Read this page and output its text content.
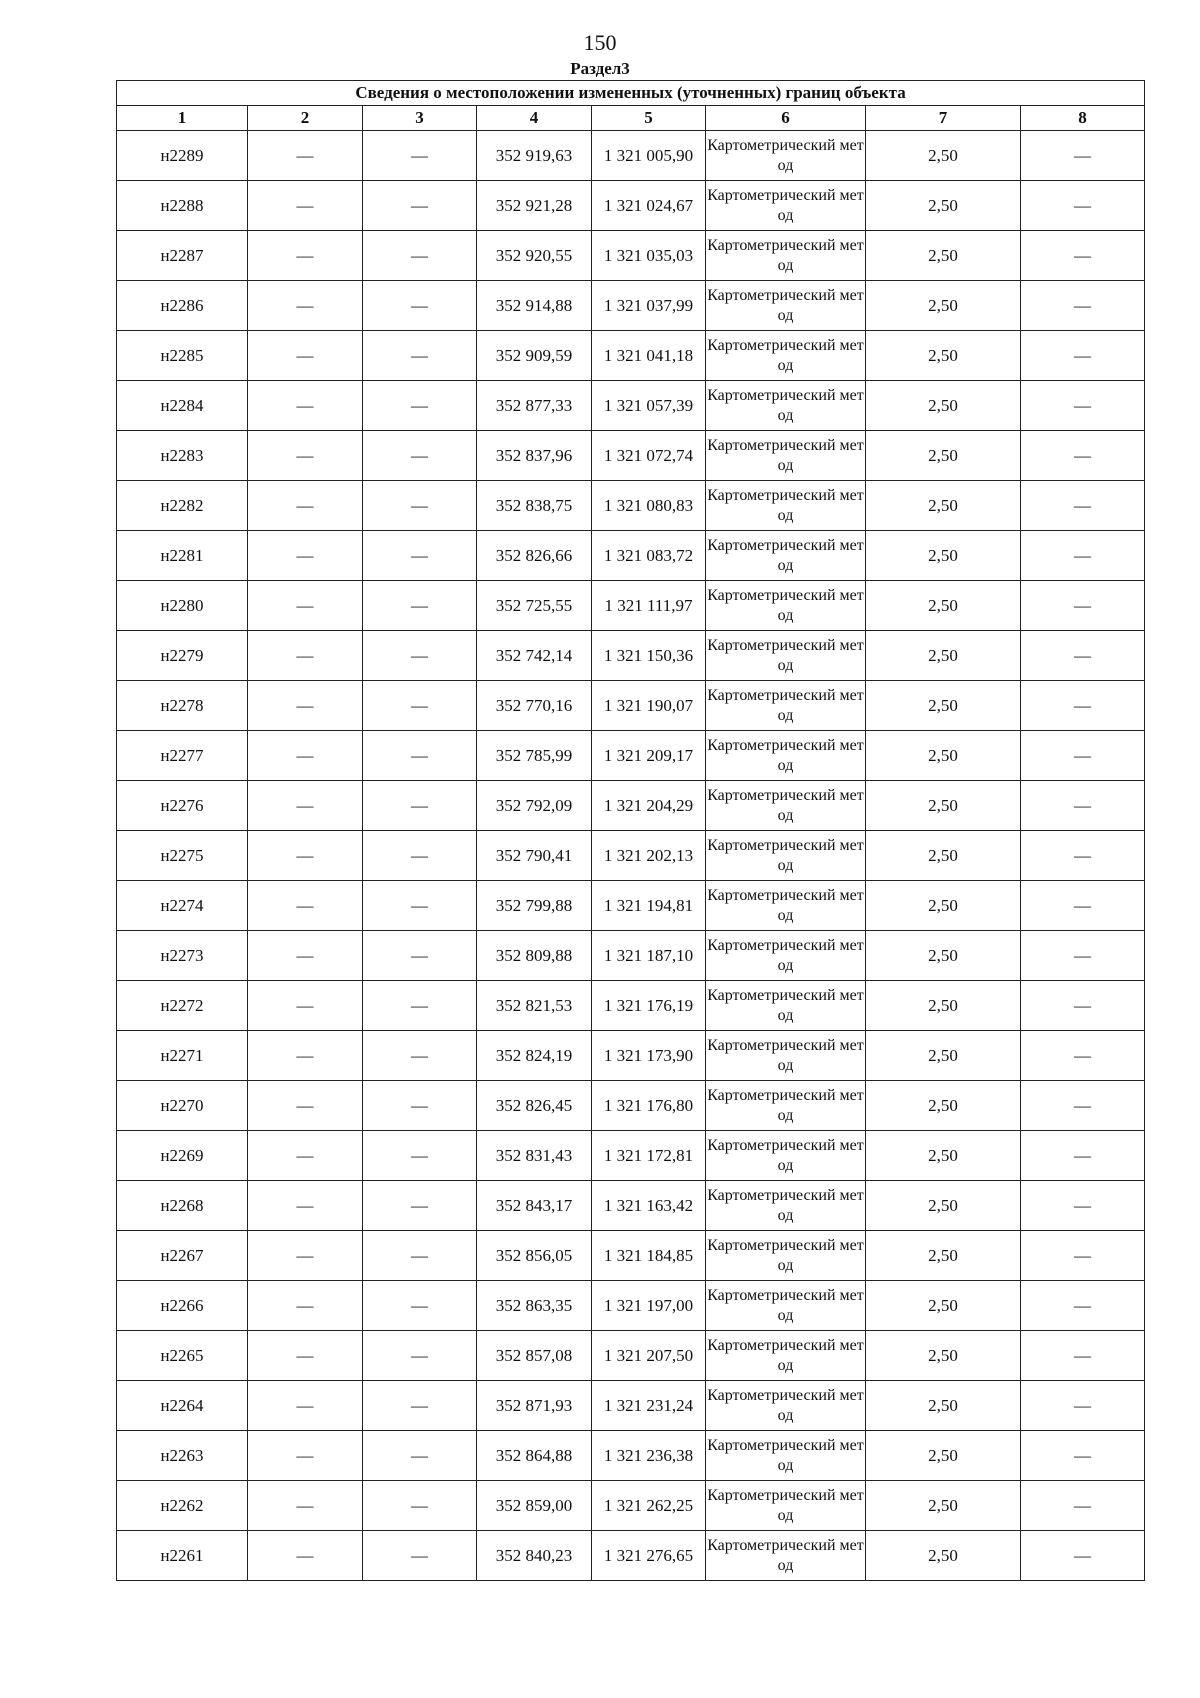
150
Раздел3
Сведения о местоположении измененных (уточненных) границ объекта							
1	2	3	4	5	6	7	8
н2289	—	—	352 919,63	1 321 005,90	Картометрический метод	2,50	—
н2288	—	—	352 921,28	1 321 024,67	Картометрический метод	2,50	—
н2287	—	—	352 920,55	1 321 035,03	Картометрический метод	2,50	—
н2286	—	—	352 914,88	1 321 037,99	Картометрический метод	2,50	—
н2285	—	—	352 909,59	1 321 041,18	Картометрический метод	2,50	—
н2284	—	—	352 877,33	1 321 057,39	Картометрический метод	2,50	—
н2283	—	—	352 837,96	1 321 072,74	Картометрический метод	2,50	—
н2282	—	—	352 838,75	1 321 080,83	Картометрический метод	2,50	—
н2281	—	—	352 826,66	1 321 083,72	Картометрический метод	2,50	—
н2280	—	—	352 725,55	1 321 111,97	Картометрический метод	2,50	—
н2279	—	—	352 742,14	1 321 150,36	Картометрический метод	2,50	—
н2278	—	—	352 770,16	1 321 190,07	Картометрический метод	2,50	—
н2277	—	—	352 785,99	1 321 209,17	Картометрический метод	2,50	—
н2276	—	—	352 792,09	1 321 204,29	Картометрический метод	2,50	—
н2275	—	—	352 790,41	1 321 202,13	Картометрический метод	2,50	—
н2274	—	—	352 799,88	1 321 194,81	Картометрический метод	2,50	—
н2273	—	—	352 809,88	1 321 187,10	Картометрический метод	2,50	—
н2272	—	—	352 821,53	1 321 176,19	Картометрический метод	2,50	—
н2271	—	—	352 824,19	1 321 173,90	Картометрический метод	2,50	—
н2270	—	—	352 826,45	1 321 176,80	Картометрический метод	2,50	—
н2269	—	—	352 831,43	1 321 172,81	Картометрический метод	2,50	—
н2268	—	—	352 843,17	1 321 163,42	Картометрический метод	2,50	—
н2267	—	—	352 856,05	1 321 184,85	Картометрический метод	2,50	—
н2266	—	—	352 863,35	1 321 197,00	Картометрический метод	2,50	—
н2265	—	—	352 857,08	1 321 207,50	Картометрический метод	2,50	—
н2264	—	—	352 871,93	1 321 231,24	Картометрический метод	2,50	—
н2263	—	—	352 864,88	1 321 236,38	Картометрический метод	2,50	—
н2262	—	—	352 859,00	1 321 262,25	Картометрический метод	2,50	—
н2261	—	—	352 840,23	1 321 276,65	Картометрический метод	2,50	—
